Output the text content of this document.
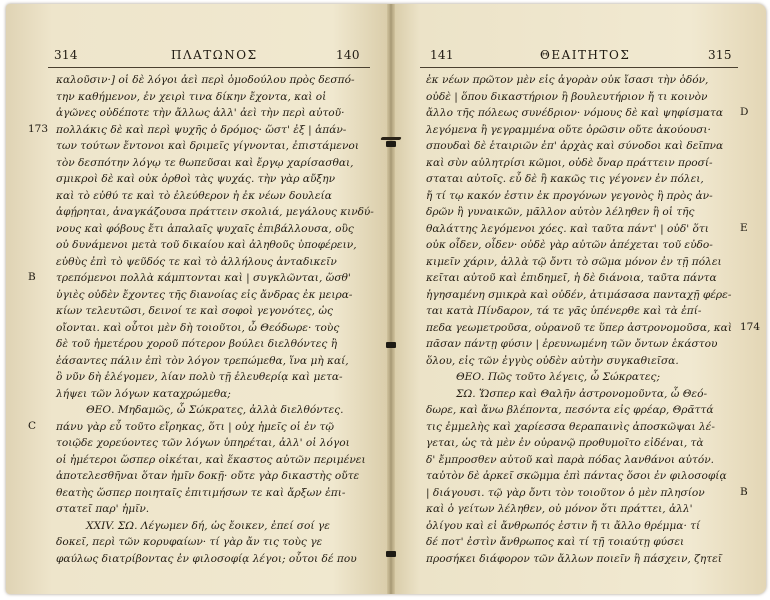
314	ΠΛΑΤΩΝΟΣ	140
καλοῦσιν·] οἱ δὲ λόγοι ἀεὶ περὶ ὁμοδούλου πρὸς δεσπό-
την καθήμενον, ἐν χειρὶ τινα δίκην ἔχοντα, καὶ οἱ
ἀγῶνες οὐδέποτε τὴν ἄλλως ἀλλ' ἀεὶ τὴν περὶ αὐτοῦ·
πολλάκις δὲ καὶ περὶ ψυχῆς ὁ δρόμος· ὥστ' ἐξ | ἁπάν-
των τούτων ἔντονοι καὶ δριμεῖς γίγνονται, ἐπιστάμενοι
τὸν δεσπότην λόγῳ τε θωπεῦσαι καὶ ἔργῳ χαρίσασθαι,
σμικροὶ δὲ καὶ οὐκ ὀρθοὶ τὰς ψυχάς. τὴν γὰρ αὔξην
καὶ τὸ εὐθύ τε καὶ τὸ ἐλεύθερον ἡ ἐκ νέων δουλεία
ἀφῄρηται, ἀναγκάζουσα πράττειν σκολιά, μεγάλους κινδύ-
νους καὶ φόβους ἔτι ἁπαλαῖς ψυχαῖς ἐπιβάλλουσα, οὓς
οὐ δυνάμενοι μετὰ τοῦ δικαίου καὶ ἀληθοῦς ὑποφέρειν,
εὐθὺς ἐπὶ τὸ ψεῦδός τε καὶ τὸ ἀλλήλους ἀνταδικεῖν
τρεπόμενοι πολλὰ κάμπτονται καὶ | συγκλῶνται, ὥσθ'
ὑγιὲς οὐδὲν ἔχοντες τῆς διανοίας εἰς ἄνδρας ἐκ μειρα-
κίων τελευτῶσι, δεινοί τε καὶ σοφοὶ γεγονότες, ὡς
οἴονται. καὶ οὗτοι μὲν δὴ τοιοῦτοι, ὦ Θεόδωρε· τοὺς
δὲ τοῦ ἡμετέρου χοροῦ πότερον βούλει διελθόντες ἢ
ἐάσαντες πάλιν ἐπὶ τὸν λόγον τρεπώμεθα, ἵνα μὴ καί,
ὃ νῦν δὴ ἐλέγομεν, λίαν πολὺ τῇ ἐλευθερίᾳ καὶ μετα-
λήψει τῶν λόγων καταχρώμεθα;
ΘΕΟ. Μηδαμῶς, ὦ Σώκρατες, ἀλλὰ διελθόντες.
πάνυ γὰρ εὖ τοῦτο εἴρηκας, ὅτι | οὐχ ἡμεῖς οἱ ἐν τῷ
τοιῷδε χορεύοντες τῶν λόγων ὑπηρέται, ἀλλ' οἱ λόγοι
οἱ ἡμέτεροι ὥσπερ οἰκέται, καὶ ἕκαστος αὐτῶν περιμένει
ἀποτελεσθῆναι ὅταν ἡμῖν δοκῇ· οὔτε γὰρ δικαστὴς οὔτε
θεατὴς ὥσπερ ποιηταῖς ἐπιτιμήσων τε καὶ ἄρξων ἐπι-
στατεῖ παρ' ἡμῖν.
XXIV. ΣΩ. Λέγωμεν δή, ὡς ἔοικεν, ἐπεί σοί γε
δοκεῖ, περὶ τῶν κορυφαίων· τί γὰρ ἄν τις τοὺς γε
φαύλως διατρίβοντας ἐν φιλοσοφίᾳ λέγοι; οὗτοι δέ που
173
B
C
141	ΘΕΑΙΤΗΤΟΣ	315
ἐκ νέων πρῶτον μὲν εἰς ἀγορὰν οὐκ ἴσασι τὴν ὁδόν,
οὐδὲ | ὅπου δικαστήριον ἢ βουλευτήριον ἤ τι κοινὸν
ἄλλο τῆς πόλεως συνέδριον· νόμους δὲ καὶ ψηφίσματα
λεγόμενα ἢ γεγραμμένα οὔτε ὁρῶσιν οὔτε ἀκούουσι·
σπουδαὶ δὲ ἑταιριῶν ἐπ' ἀρχὰς καὶ σύνοδοι καὶ δεῖπνα
καὶ σὺν αὐλητρίσι κῶμοι, οὐδὲ ὄναρ πράττειν προσί-
σταται αὐτοῖς. εὖ δὲ ἢ κακῶς τις γέγονεν ἐν πόλει,
ἤ τί τῳ κακόν ἐστιν ἐκ προγόνων γεγονὸς ἢ πρὸς ἀν-
δρῶν ἢ γυναικῶν, μᾶλλον αὐτὸν λέληθεν ἢ οἱ τῆς
θαλάττης λεγόμενοι χόες. καὶ ταῦτα πάντ' | οὐδ' ὅτι
οὐκ οἶδεν, οἶδεν· οὐδὲ γὰρ αὐτῶν ἀπέχεται τοῦ εὐδο-
κιμεῖν χάριν, ἀλλὰ τῷ ὄντι τὸ σῶμα μόνον ἐν τῇ πόλει
κεῖται αὐτοῦ καὶ ἐπιδημεῖ, ἡ δὲ διάνοια, ταῦτα πάντα
ἡγησαμένη σμικρὰ καὶ οὐδέν, ἀτιμάσασα πανταχῇ φέρε-
ται κατὰ Πίνδαρον, τά τε γᾶς ὑπένερθε καὶ τὰ ἐπί-
πεδα γεωμετροῦσα, οὐρανοῦ τε ὕπερ ἀστρονομοῦσα, καὶ
πᾶσαν πάντῃ φύσιν | ἐρευνωμένη τῶν ὄντων ἑκάστου
ὅλου, εἰς τῶν ἐγγὺς οὐδὲν αὑτὴν συγκαθιεῖσα.
ΘΕΟ. Πῶς τοῦτο λέγεις, ὦ Σώκρατες;
ΣΩ. Ὥσπερ καὶ Θαλῆν ἀστρονομοῦντα, ὦ Θεό-
δωρε, καὶ ἄνω βλέποντα, πεσόντα εἰς φρέαρ, Θρᾶττά
τις ἐμμελὴς καὶ χαρίεσσα θεραπαινὶς ἀποσκῶψαι λέ-
γεται, ὡς τὰ μὲν ἐν οὐρανῷ προθυμοῖτο εἰδέναι, τὰ
δ' ἔμπροσθεν αὐτοῦ καὶ παρὰ πόδας λανθάνοι αὐτόν.
ταὐτὸν δὲ ἀρκεῖ σκῶμμα ἐπὶ πάντας ὅσοι ἐν φιλοσοφίᾳ
| διάγουσι. τῷ γὰρ ὄντι τὸν τοιοῦτον ὁ μὲν πλησίον
καὶ ὁ γείτων λέληθεν, οὐ μόνον ὅτι πράττει, ἀλλ'
ὀλίγου καὶ εἰ ἄνθρωπός ἐστιν ἤ τι ἄλλο θρέμμα· τί
δέ ποτ' ἐστὶν ἄνθρωπος καὶ τί τῇ τοιαύτῃ φύσει
προσήκει διάφορον τῶν ἄλλων ποιεῖν ἢ πάσχειν, ζητεῖ
D
E
174
B
